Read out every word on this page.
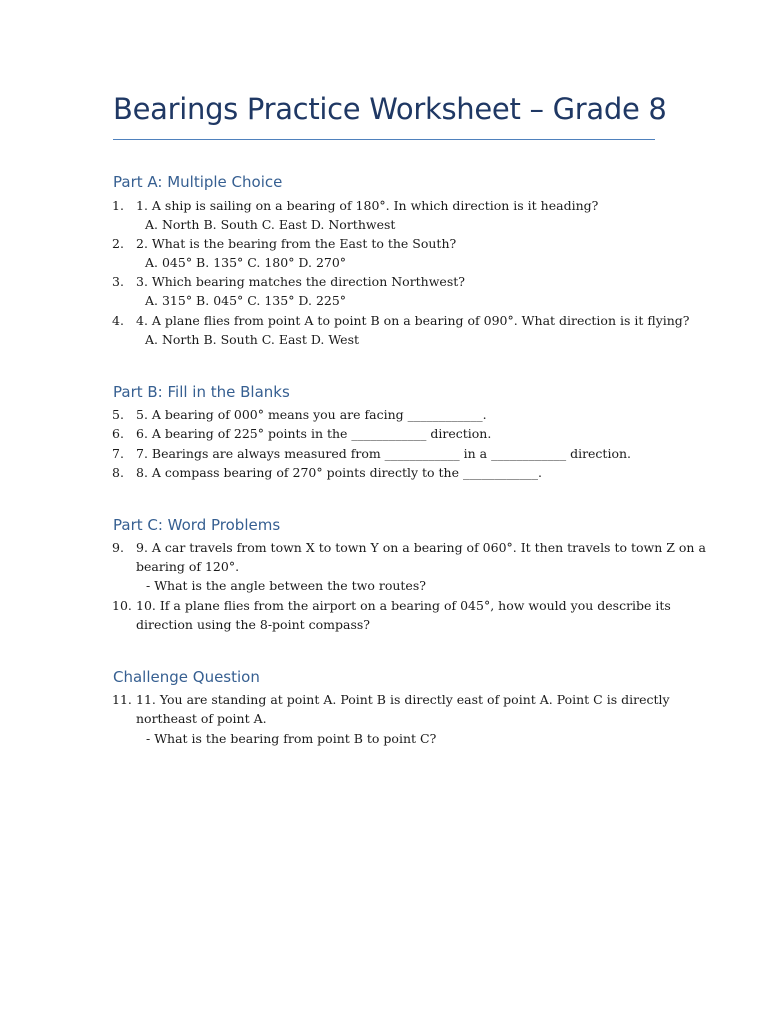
Bearings Practice Worksheet – Grade 8
Part A: Multiple Choice
1. 1. A ship is sailing on a bearing of 180°. In which direction is it heading?
A. North B. South C. East D. Northwest
2. 2. What is the bearing from the East to the South?
A. 045° B. 135° C. 180° D. 270°
3. 3. Which bearing matches the direction Northwest?
A. 315° B. 045° C. 135° D. 225°
4. 4. A plane flies from point A to point B on a bearing of 090°. What direction is it flying?
A. North B. South C. East D. West
Part B: Fill in the Blanks
5. 5. A bearing of 000° means you are facing ____________.
6. 6. A bearing of 225° points in the ____________ direction.
7. 7. Bearings are always measured from ____________ in a ____________ direction.
8. 8. A compass bearing of 270° points directly to the ____________.
Part C: Word Problems
9. 9. A car travels from town X to town Y on a bearing of 060°. It then travels to town Z on a
bearing of 120°.
- What is the angle between the two routes?
10. 10. If a plane flies from the airport on a bearing of 045°, how would you describe its
direction using the 8-point compass?
Challenge Question
11. 11. You are standing at point A. Point B is directly east of point A. Point C is directly
northeast of point A.
- What is the bearing from point B to point C?
